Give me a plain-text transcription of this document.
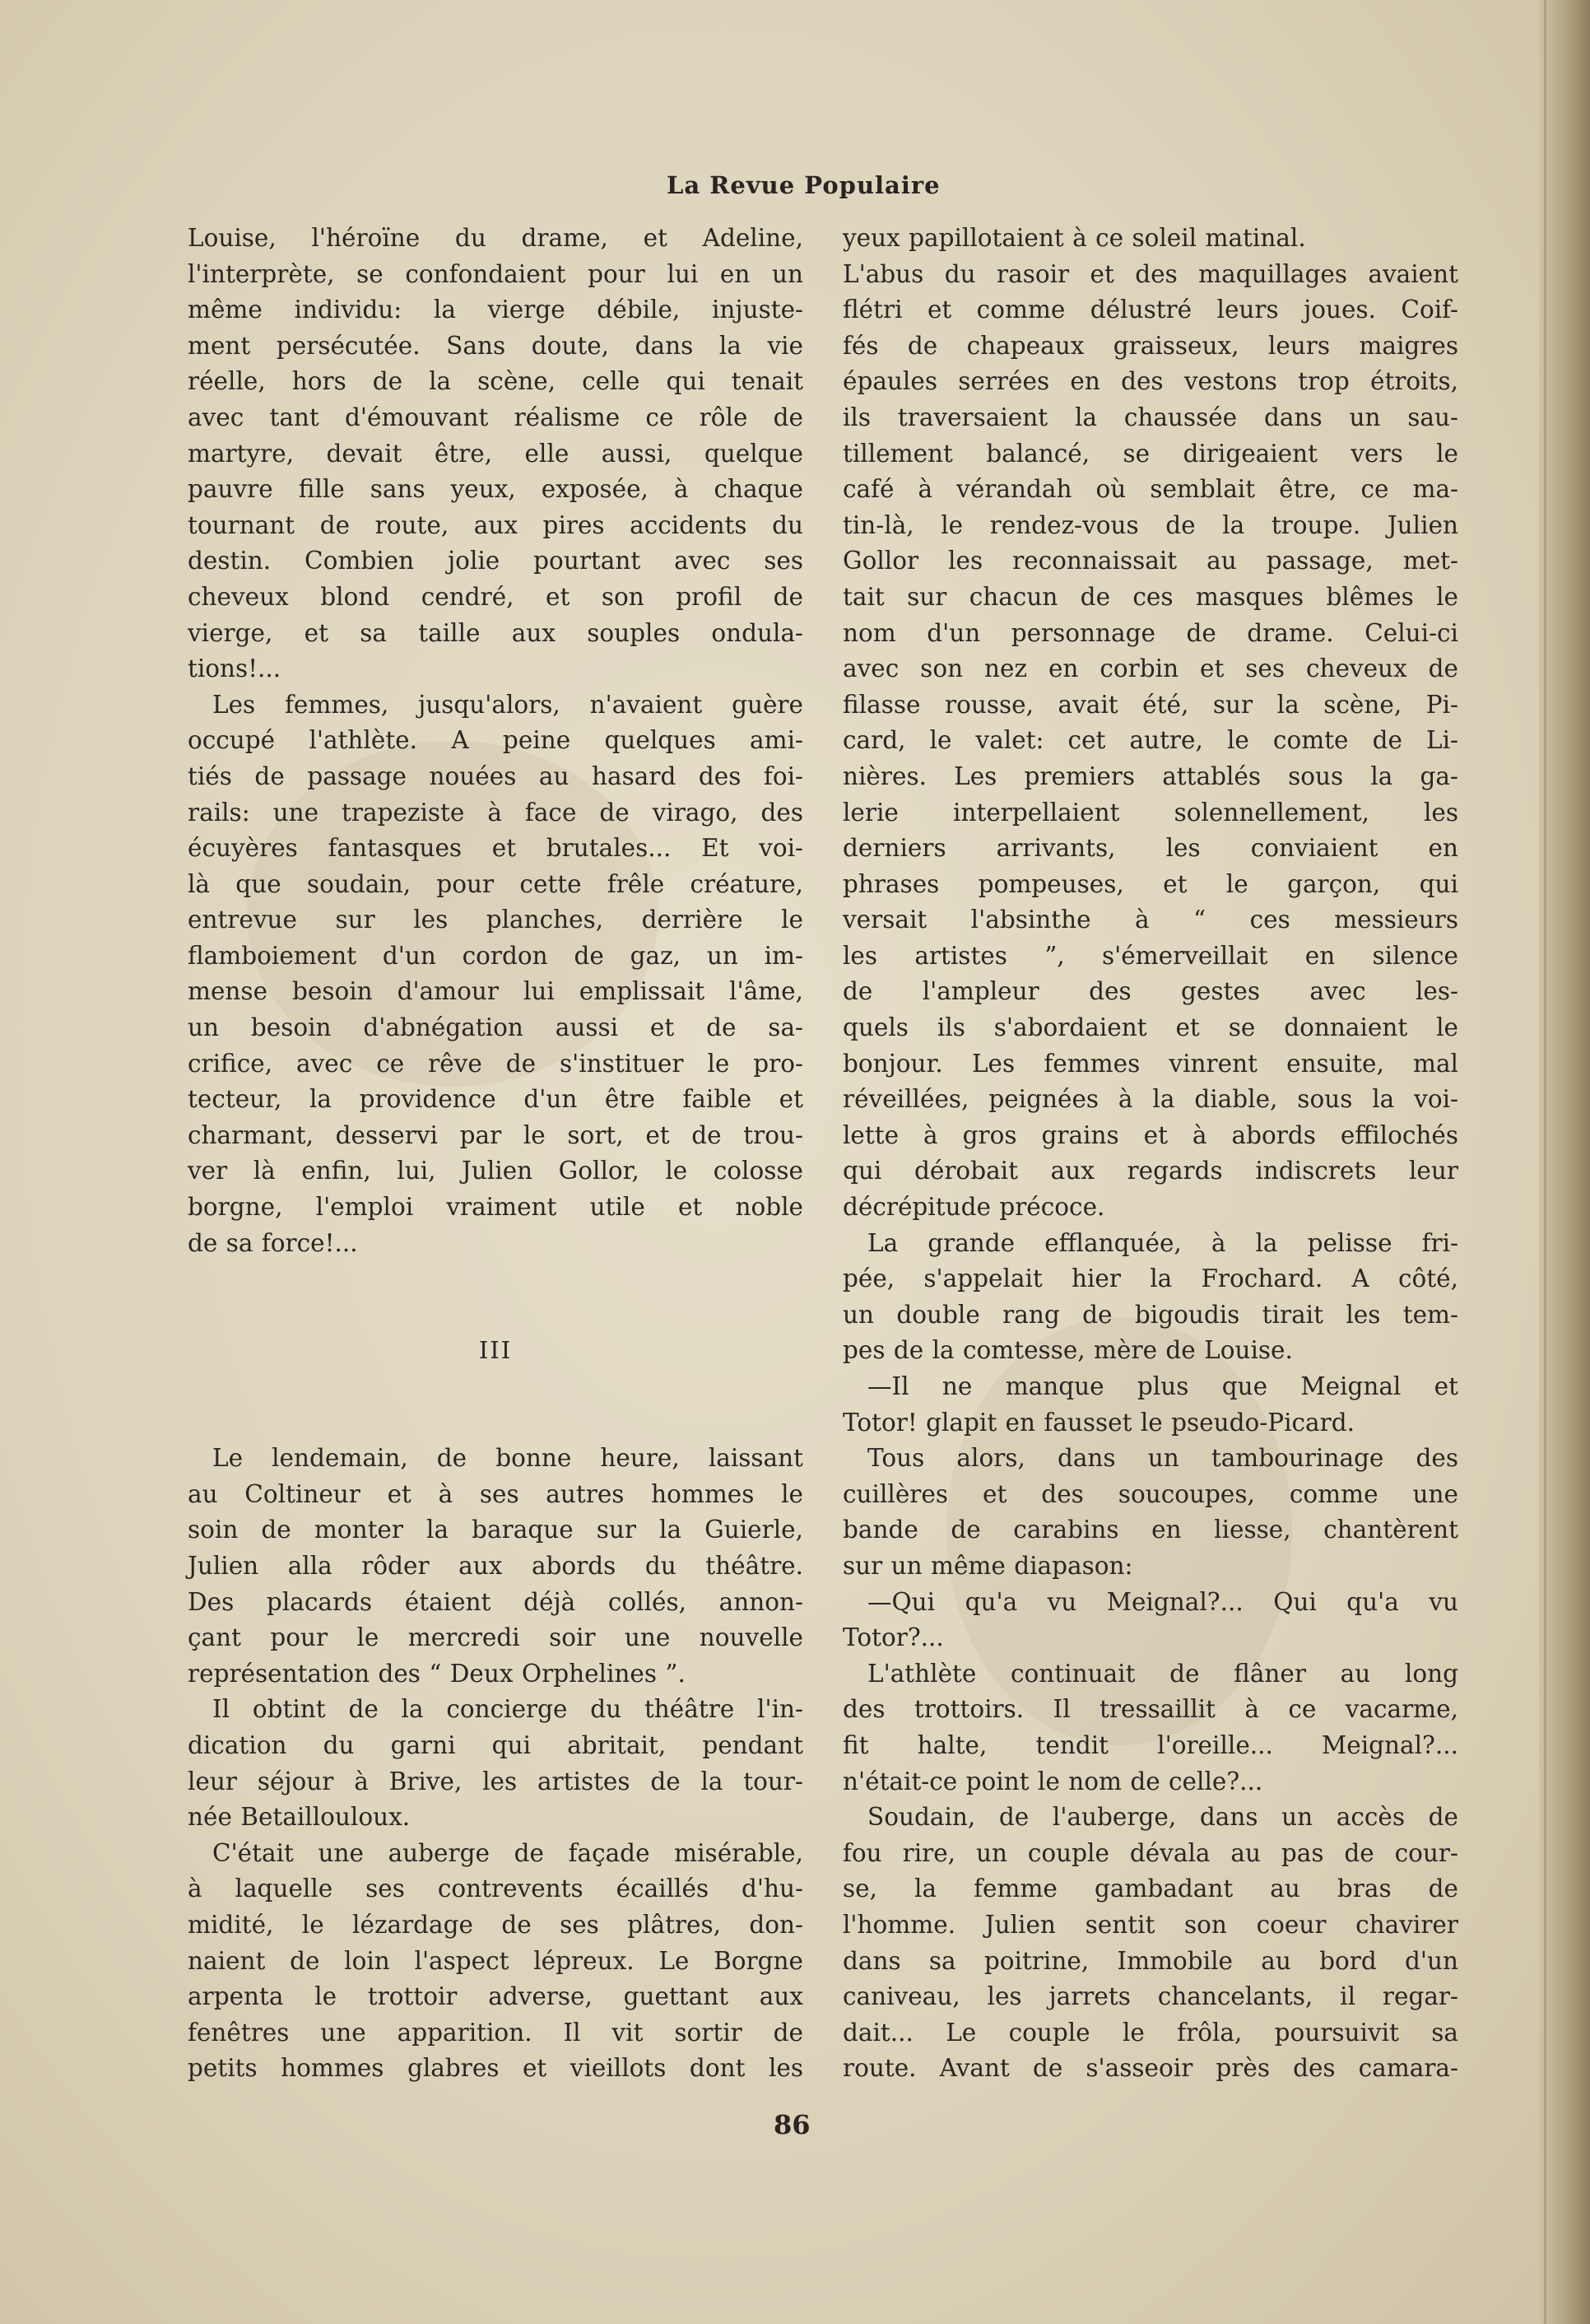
La Revue Populaire
Louise, l'héroïne du drame, et Adeline,
l'interprète, se confondaient pour lui en un
même individu: la vierge débile, injuste-
ment persécutée. Sans doute, dans la vie
réelle, hors de la scène, celle qui tenait
avec tant d'émouvant réalisme ce rôle de
martyre, devait être, elle aussi, quelque
pauvre fille sans yeux, exposée, à chaque
tournant de route, aux pires accidents du
destin. Combien jolie pourtant avec ses
cheveux blond cendré, et son profil de
vierge, et sa taille aux souples ondula-
tions!...
Les femmes, jusqu'alors, n'avaient guère
occupé l'athlète. A peine quelques ami-
tiés de passage nouées au hasard des foi-
rails: une trapeziste à face de virago, des
écuyères fantasques et brutales... Et voi-
là que soudain, pour cette frêle créature,
entrevue sur les planches, derrière le
flamboiement d'un cordon de gaz, un im-
mense besoin d'amour lui emplissait l'âme,
un besoin d'abnégation aussi et de sa-
crifice, avec ce rêve de s'instituer le pro-
tecteur, la providence d'un être faible et
charmant, desservi par le sort, et de trou-
ver là enfin, lui, Julien Gollor, le colosse
borgne, l'emploi vraiment utile et noble
de sa force!...
III
Le lendemain, de bonne heure, laissant
au Coltineur et à ses autres hommes le
soin de monter la baraque sur la Guierle,
Julien alla rôder aux abords du théâtre.
Des placards étaient déjà collés, annon-
çant pour le mercredi soir une nouvelle
représentation des “ Deux Orphelines ”.
Il obtint de la concierge du théâtre l'in-
dication du garni qui abritait, pendant
leur séjour à Brive, les artistes de la tour-
née Betaillouloux.
C'était une auberge de façade misérable,
à laquelle ses contrevents écaillés d'hu-
midité, le lézardage de ses plâtres, don-
naient de loin l'aspect lépreux. Le Borgne
arpenta le trottoir adverse, guettant aux
fenêtres une apparition. Il vit sortir de
petits hommes glabres et vieillots dont les
yeux papillotaient à ce soleil matinal.
L'abus du rasoir et des maquillages avaient
flétri et comme délustré leurs joues. Coif-
fés de chapeaux graisseux, leurs maigres
épaules serrées en des vestons trop étroits,
ils traversaient la chaussée dans un sau-
tillement balancé, se dirigeaient vers le
café à vérandah où semblait être, ce ma-
tin-là, le rendez-vous de la troupe. Julien
Gollor les reconnaissait au passage, met-
tait sur chacun de ces masques blêmes le
nom d'un personnage de drame. Celui-ci
avec son nez en corbin et ses cheveux de
filasse rousse, avait été, sur la scène, Pi-
card, le valet: cet autre, le comte de Li-
nières. Les premiers attablés sous la ga-
lerie interpellaient solennellement, les
derniers arrivants, les conviaient en
phrases pompeuses, et le garçon, qui
versait l'absinthe à “ ces messieurs
les artistes ”, s'émerveillait en silence
de l'ampleur des gestes avec les-
quels ils s'abordaient et se donnaient le
bonjour. Les femmes vinrent ensuite, mal
réveillées, peignées à la diable, sous la voi-
lette à gros grains et à abords effilochés
qui dérobait aux regards indiscrets leur
décrépitude précoce.
La grande efflanquée, à la pelisse fri-
pée, s'appelait hier la Frochard. A côté,
un double rang de bigoudis tirait les tem-
pes de la comtesse, mère de Louise.
—Il ne manque plus que Meignal et
Totor! glapit en fausset le pseudo-Picard.
Tous alors, dans un tambourinage des
cuillères et des soucoupes, comme une
bande de carabins en liesse, chantèrent
sur un même diapason:
—Qui qu'a vu Meignal?... Qui qu'a vu
Totor?...
L'athlète continuait de flâner au long
des trottoirs. Il tressaillit à ce vacarme,
fit halte, tendit l'oreille... Meignal?...
n'était-ce point le nom de celle?...
Soudain, de l'auberge, dans un accès de
fou rire, un couple dévala au pas de cour-
se, la femme gambadant au bras de
l'homme. Julien sentit son coeur chavirer
dans sa poitrine, Immobile au bord d'un
caniveau, les jarrets chancelants, il regar-
dait... Le couple le frôla, poursuivit sa
route. Avant de s'asseoir près des camara-
86
